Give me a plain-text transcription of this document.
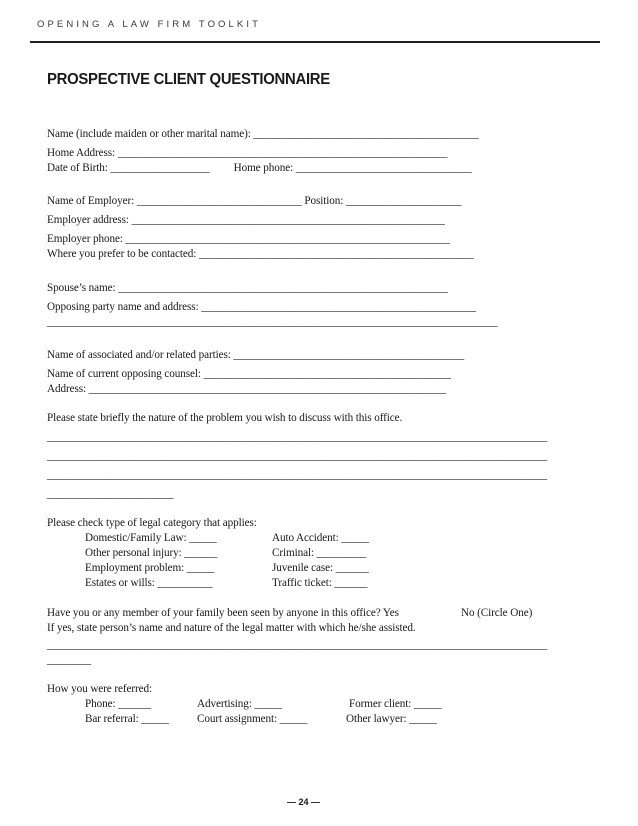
OPENING A LAW FIRM TOOLKIT
PROSPECTIVE CLIENT QUESTIONNAIRE
Name (include maiden or other marital name): _________________________________________
Home Address: ____________________________________________________________
Date of Birth: __________________         Home phone: ________________________________
Name of Employer: ______________________________ Position: _____________________
Employer address: _________________________________________________________
Employer phone: ___________________________________________________________
Where you prefer to be contacted: __________________________________________________
Spouse’s name: ____________________________________________________________
Opposing party name and address: __________________________________________________
__________________________________________________________________________________
Name of associated and/or related parties: __________________________________________
Name of current opposing counsel: _____________________________________________
Address: _________________________________________________________________
Please state briefly the nature of the problem you wish to discuss with this office.
___________________________________________________________________________________________
___________________________________________________________________________________________
___________________________________________________________________________________________
_______________________
Please check type of legal category that applies:
Domestic/Family Law: _____	Auto Accident: _____
Other personal injury: ______	Criminal: _________
Employment problem: _____	Juvenile case: ______
Estates or wills: __________	Traffic ticket: ______
Have you or any member of your family been seen by anyone in this office? Yes	No (Circle One)
If yes, state person’s name and nature of the legal matter with which he/she assisted.
___________________________________________________________________________________________
________
How you were referred:
Phone: ______	Advertising: _____	Former client: _____
Bar referral: _____	Court assignment: _____	Other lawyer: _____
— 24 —
